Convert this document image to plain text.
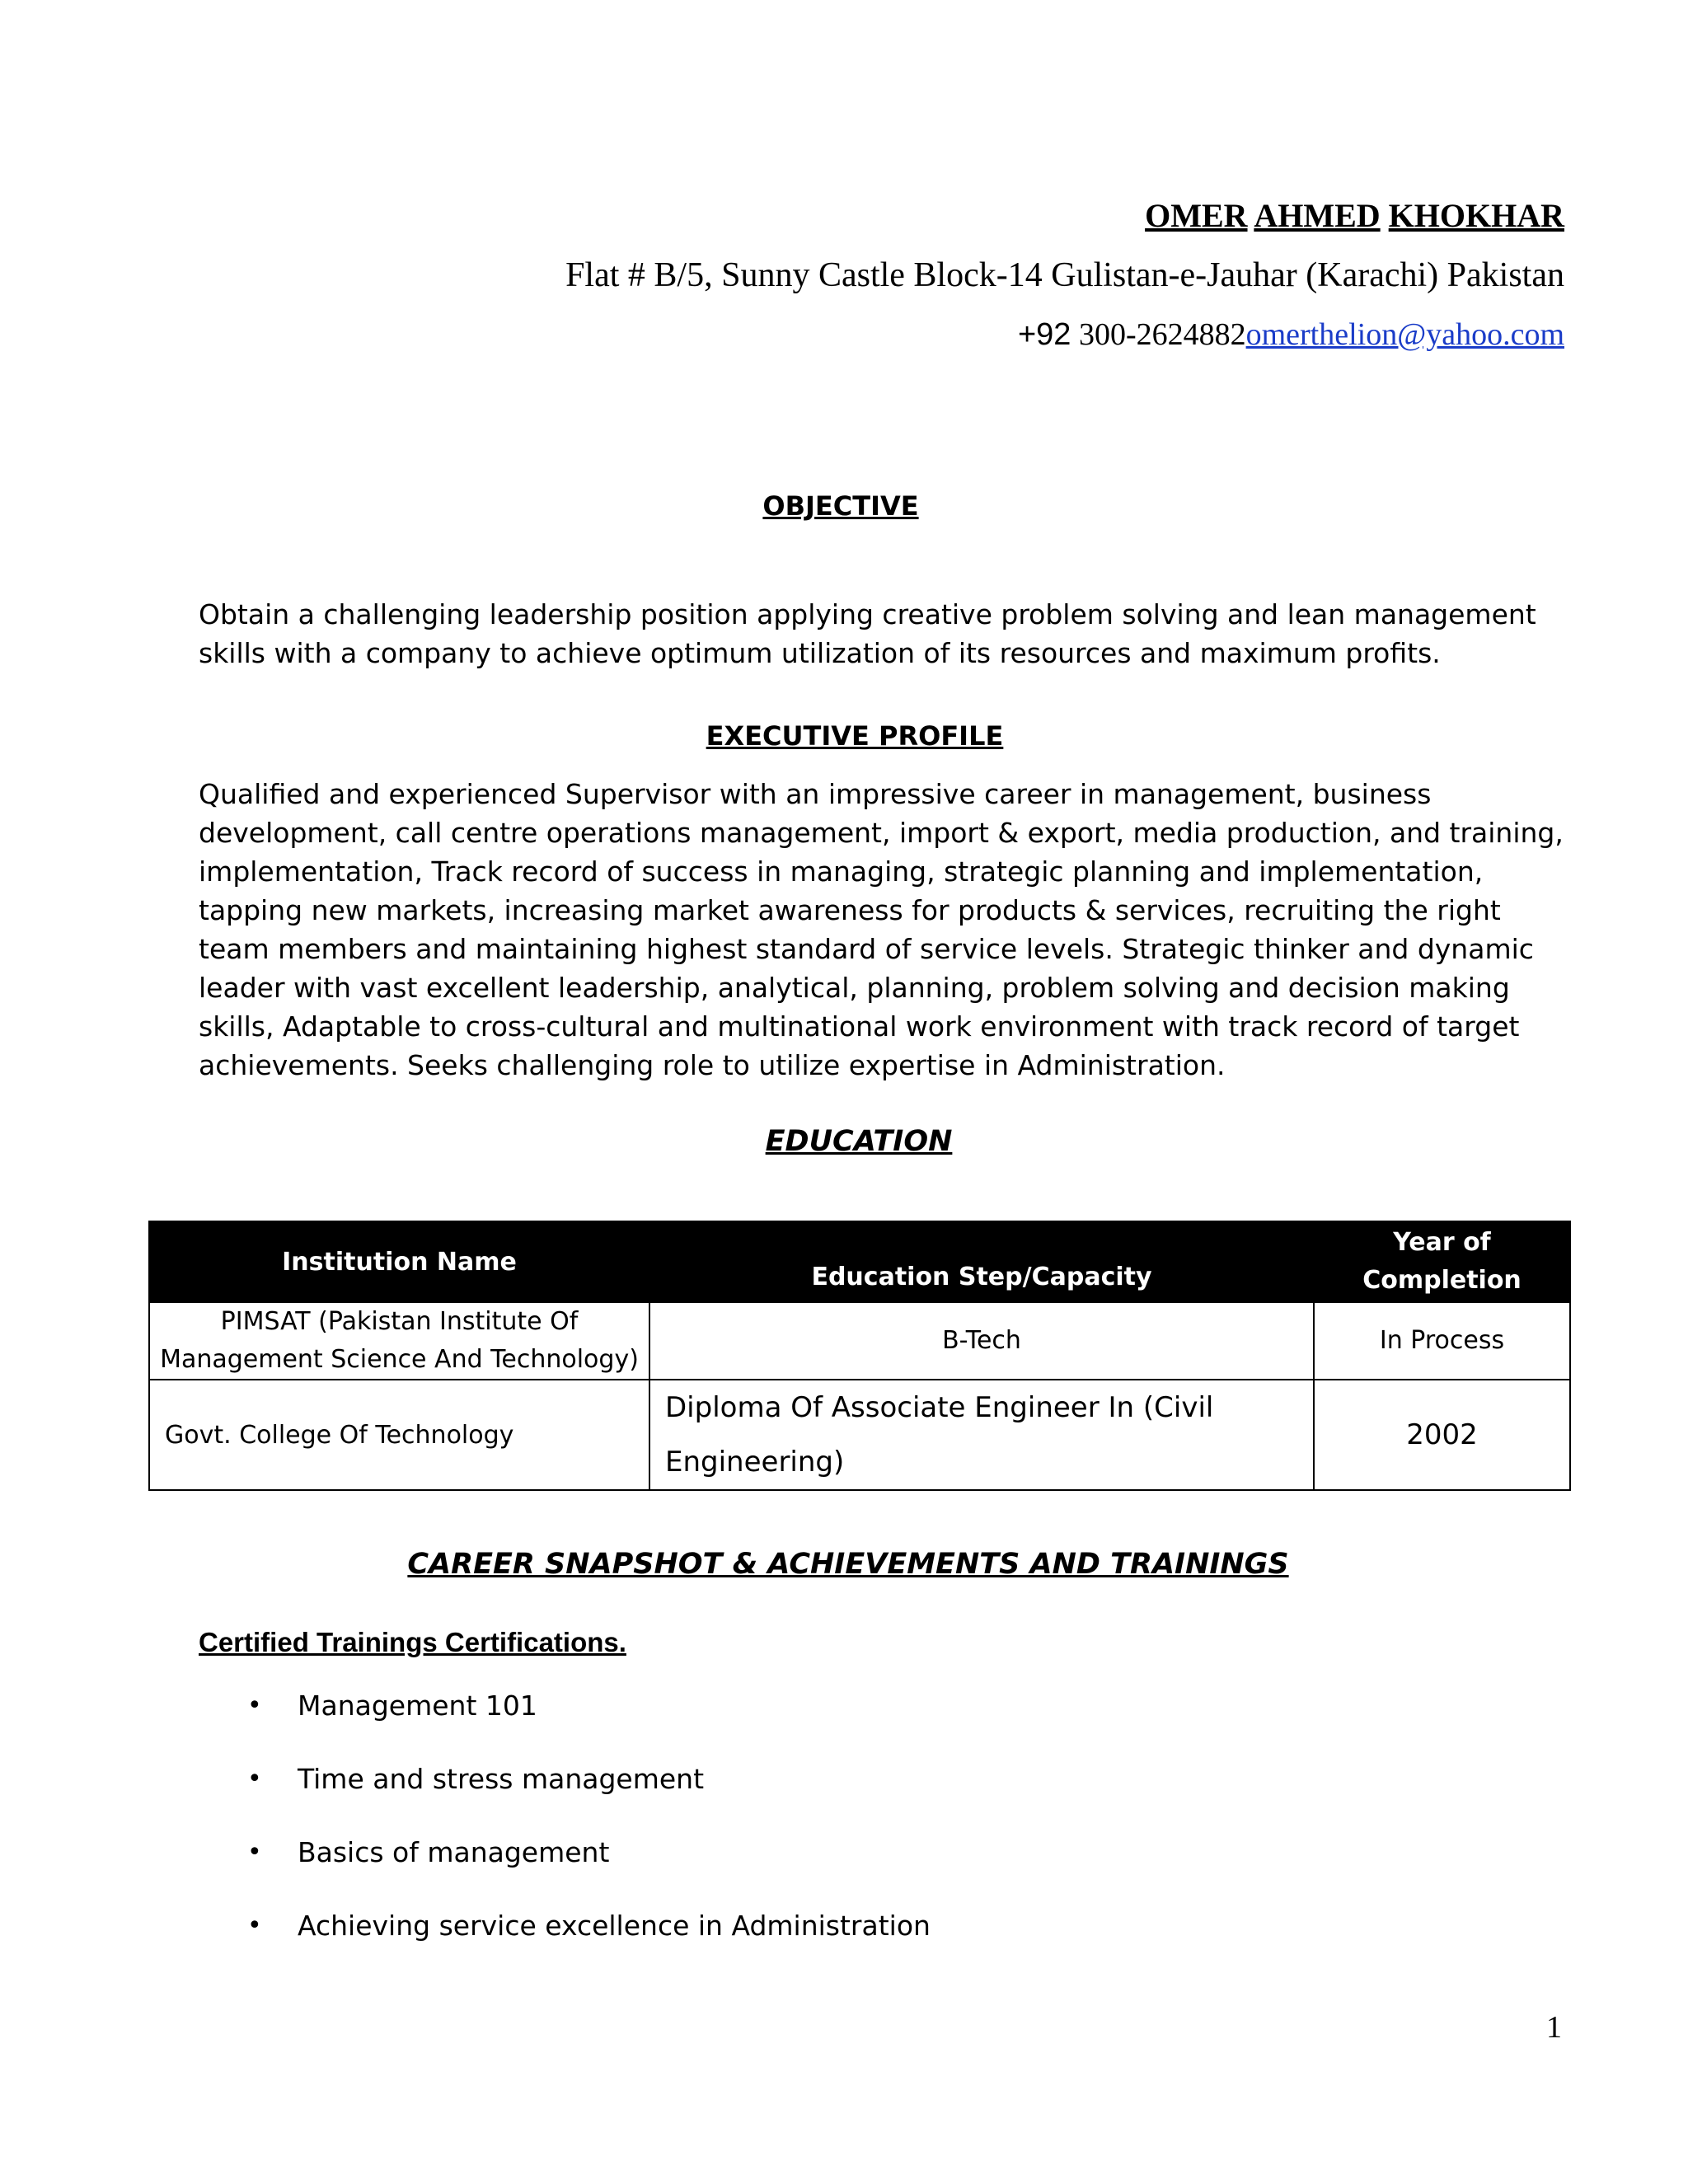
OMER AHMED KHOKHAR
Flat # B/5, Sunny Castle Block-14 Gulistan-e-Jauhar (Karachi) Pakistan
+92 300-2624882omerthelion@yahoo.com
OBJECTIVE

Obtain a challenging leadership position applying creative problem solving and lean management skills with a company to achieve optimum utilization of its resources and maximum profits.

EXECUTIVE PROFILE

Qualified and experienced Supervisor with an impressive career in management, business development, call centre operations management, import & export, media production, and training, implementation, Track record of success in managing, strategic planning and implementation, tapping new markets, increasing market awareness for products & services, recruiting the right team members and maintaining highest standard of service levels. Strategic thinker and dynamic leader with vast excellent leadership, analytical, planning, problem solving and decision making skills, Adaptable to cross-cultural and multinational work environment with track record of target achievements. Seeks challenging role to utilize expertise in Administration.

EDUCATION
Institution Name	Education Step/Capacity	Year of
Completion

PIMSAT (Pakistan Institute Of
Management Science And Technology)	B-Tech	In Process
Govt. College Of Technology	Diploma Of Associate Engineer In (Civil
Engineering)	2002
CAREER SNAPSHOT & ACHIEVEMENTS AND TRAININGS
Certified Trainings Certifications.
• Management 101
• Time and stress management
• Basics of management
• Achieving service excellence in Administration
1
